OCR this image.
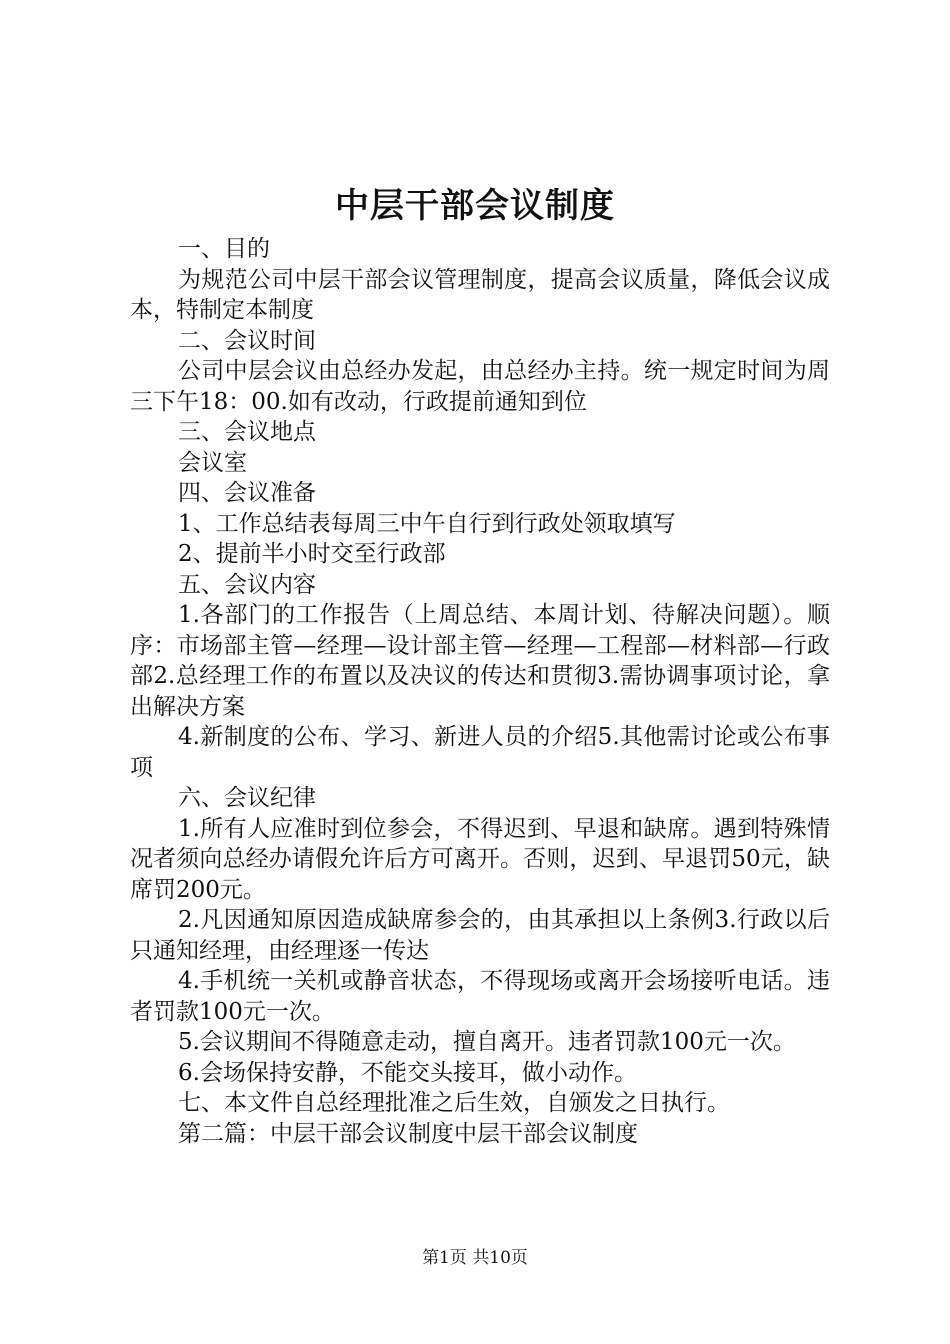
中层干部会议制度

一、目的

为规范公司中层干部会议管理制度，提高会议质量，降低会议成本，特制定本制度

二、会议时间

公司中层会议由总经办发起，由总经办主持。统一规定时间为周三下午18：00.如有改动，行政提前通知到位

三、会议地点

会议室

四、会议准备

1、工作总结表每周三中午自行到行政处领取填写

2、提前半小时交至行政部

五、会议内容

1.各部门的工作报告（上周总结、本周计划、待解决问题）。顺序：市场部主管—经理—设计部主管—经理—工程部—材料部—行政部2.总经理工作的布置以及决议的传达和贯彻3.需协调事项讨论，拿出解决方案

4.新制度的公布、学习、新进人员的介绍5.其他需讨论或公布事项

六、会议纪律

1.所有人应准时到位参会，不得迟到、早退和缺席。遇到特殊情况者须向总经办请假允许后方可离开。否则，迟到、早退罚50元，缺席罚200元。

2.凡因通知原因造成缺席参会的，由其承担以上条例3.行政以后只通知经理，由经理逐一传达

4.手机统一关机或静音状态，不得现场或离开会场接听电话。违者罚款100元一次。

5.会议期间不得随意走动，擅自离开。违者罚款100元一次。

6.会场保持安静，不能交头接耳，做小动作。

七、本文件自总经理批准之后生效，自颁发之日执行。

第二篇：中层干部会议制度中层干部会议制度

第1页 共10页
